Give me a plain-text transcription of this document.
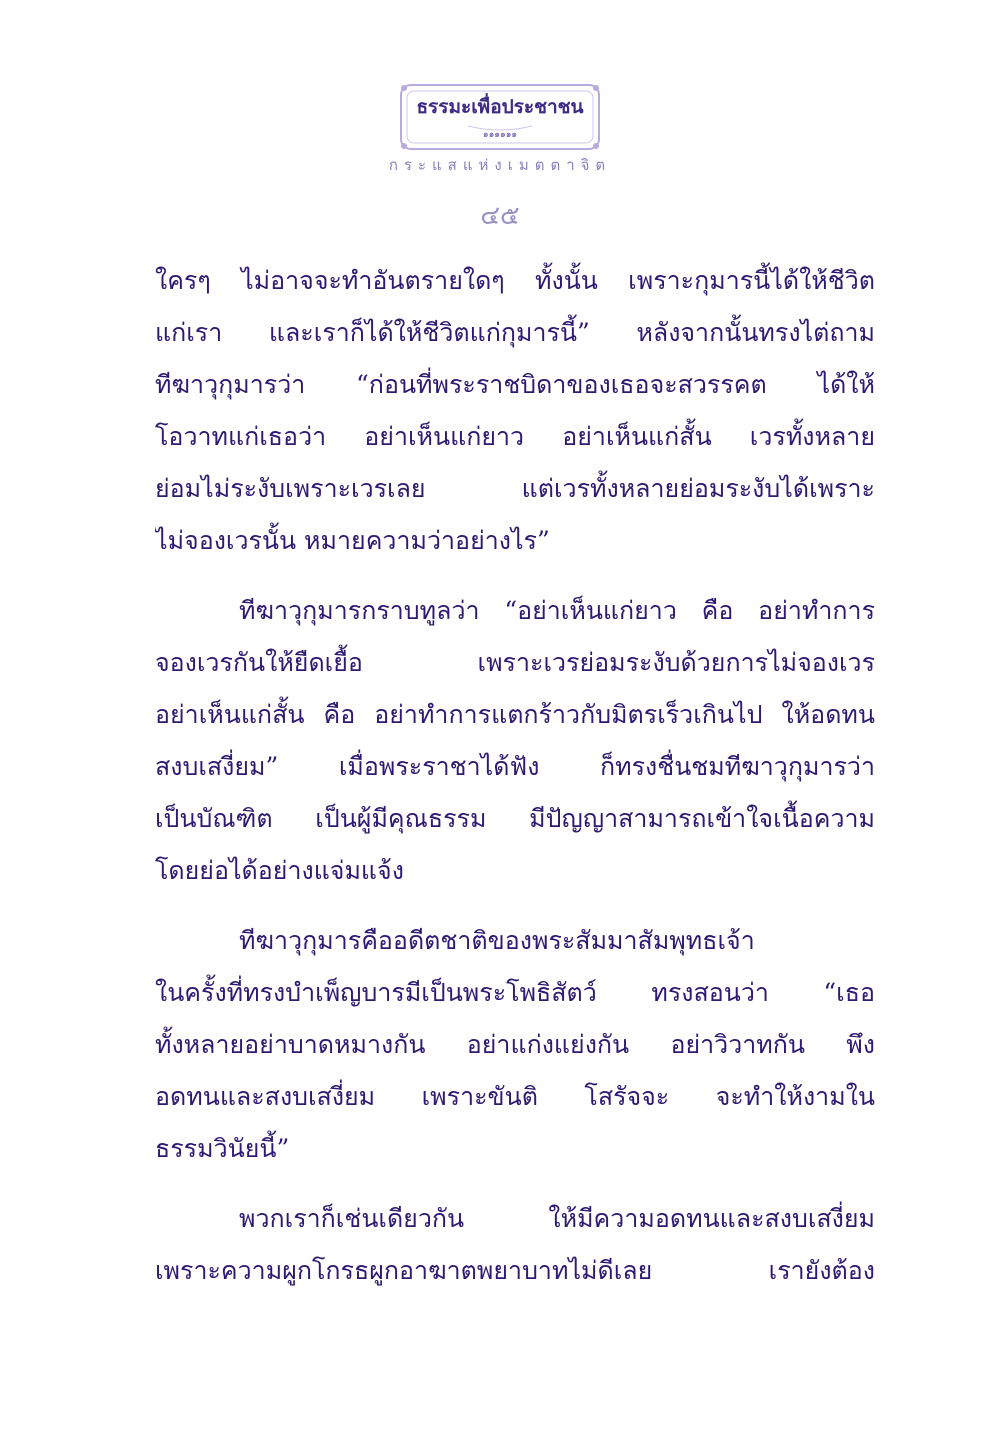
ธรรมะเพื่อประชาชน
๑๑๑๑๑๑
กระแสแห่งเมตตาจิต
๔๕
ใครๆ ไม่อาจจะทำอันตรายใดๆ ทั้งนั้น เพราะกุมารนี้ได้ให้ชีวิต
แก่เรา และเราก็ได้ให้ชีวิตแก่กุมารนี้” หลังจากนั้นทรงไต่ถาม
ทีฆาวุกุมารว่า “ก่อนที่พระราชบิดาของเธอจะสวรรคต ได้ให้
โอวาทแก่เธอว่า อย่าเห็นแก่ยาว อย่าเห็นแก่สั้น เวรทั้งหลาย
ย่อมไม่ระงับเพราะเวรเลย แต่เวรทั้งหลายย่อมระงับได้เพราะ
ไม่จองเวรนั้น หมายความว่าอย่างไร”
ทีฆาวุกุมารกราบทูลว่า “อย่าเห็นแก่ยาว คือ อย่าทำการ
จองเวรกันให้ยืดเยื้อ เพราะเวรย่อมระงับด้วยการไม่จองเวร
อย่าเห็นแก่สั้น คือ อย่าทำการแตกร้าวกับมิตรเร็วเกินไป ให้อดทน
สงบเสงี่ยม” เมื่อพระราชาได้ฟัง ก็ทรงชื่นชมทีฆาวุกุมารว่า
เป็นบัณฑิต เป็นผู้มีคุณธรรม มีปัญญาสามารถเข้าใจเนื้อความ
โดยย่อได้อย่างแจ่มแจ้ง
ทีฆาวุกุมารคืออดีตชาติของพระสัมมาสัมพุทธเจ้า
ในครั้งที่ทรงบำเพ็ญบารมีเป็นพระโพธิสัตว์ ทรงสอนว่า “เธอ
ทั้งหลายอย่าบาดหมางกัน อย่าแก่งแย่งกัน อย่าวิวาทกัน พึง
อดทนและสงบเสงี่ยม เพราะขันติ โสรัจจะ จะทำให้งามใน
ธรรมวินัยนี้”
พวกเราก็เช่นเดียวกัน ให้มีความอดทนและสงบเสงี่ยม
เพราะความผูกโกรธผูกอาฆาตพยาบาทไม่ดีเลย เรายังต้อง
